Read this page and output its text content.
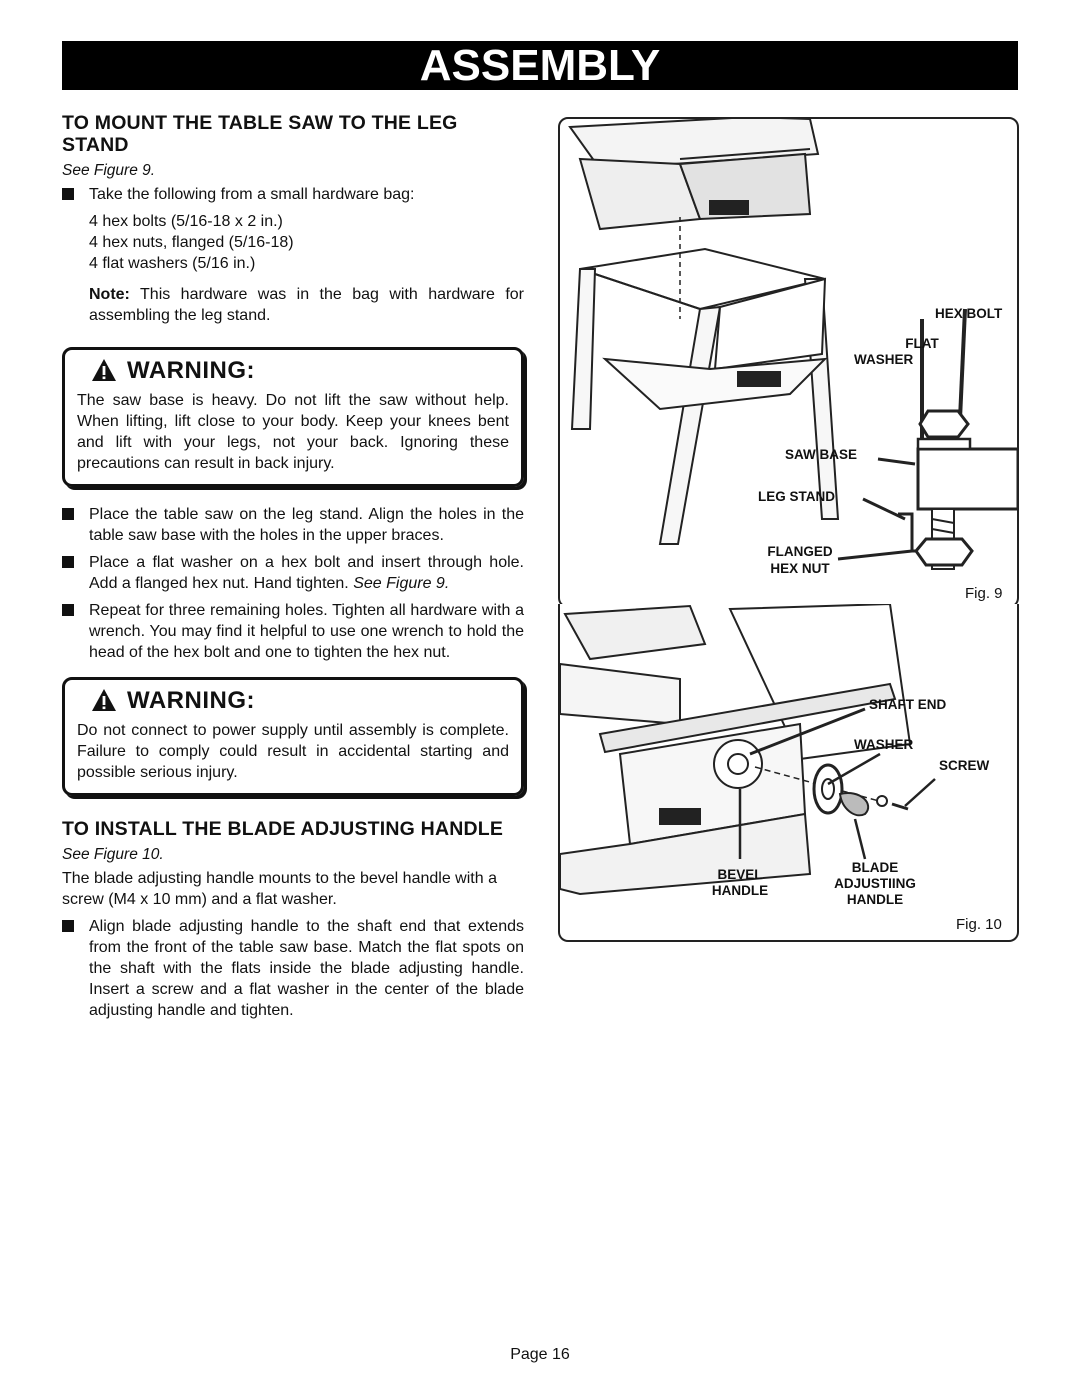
ASSEMBLY
TO MOUNT THE TABLE SAW TO THE LEG STAND
See Figure 9.
Take the following from a small hardware bag:

4 hex bolts (5/16-18 x 2 in.)

4 hex nuts, flanged (5/16-18)

4 flat washers (5/16 in.)

Note: This hardware was in the bag with hardware for assembling the leg stand.

WARNING:
The saw base is heavy. Do not lift the saw without help. When lifting, lift close to your body. Keep your knees bent and lift with your legs, not your back. Ignoring these precautions can result in back injury.
Place the table saw on the leg stand. Align the holes in the table saw base with the holes in the upper braces.
Place a flat washer on a hex bolt and insert through hole. Add a flanged hex nut. Hand tighten. See Figure 9.
Repeat for three remaining holes. Tighten all hardware with a wrench. You may find it helpful to use one wrench to hold the head of the hex bolt and one to tighten the hex nut.
WARNING:
Do not connect to power supply until assembly is complete. Failure to comply could result in accidental starting and possible serious injury.
TO INSTALL THE BLADE ADJUSTING HANDLE
See Figure 10.

The blade adjusting handle mounts to the bevel handle with a screw (M4 x 10 mm) and a flat washer.

Align blade adjusting handle to the shaft end that extends from the front of the table saw base. Match the flat spots on the shaft with the flats inside the blade adjusting handle. Insert a screw and a flat washer in the center of the blade adjusting handle and tighten.
HEX BOLT
FLAT
WASHER
SAW BASE
LEG STAND
FLANGED
HEX NUT
Fig. 9
SHAFT END
WASHER
SCREW
BEVEL
HANDLE
BLADE
ADJUSTIING
HANDLE
Fig. 10
Page 16
